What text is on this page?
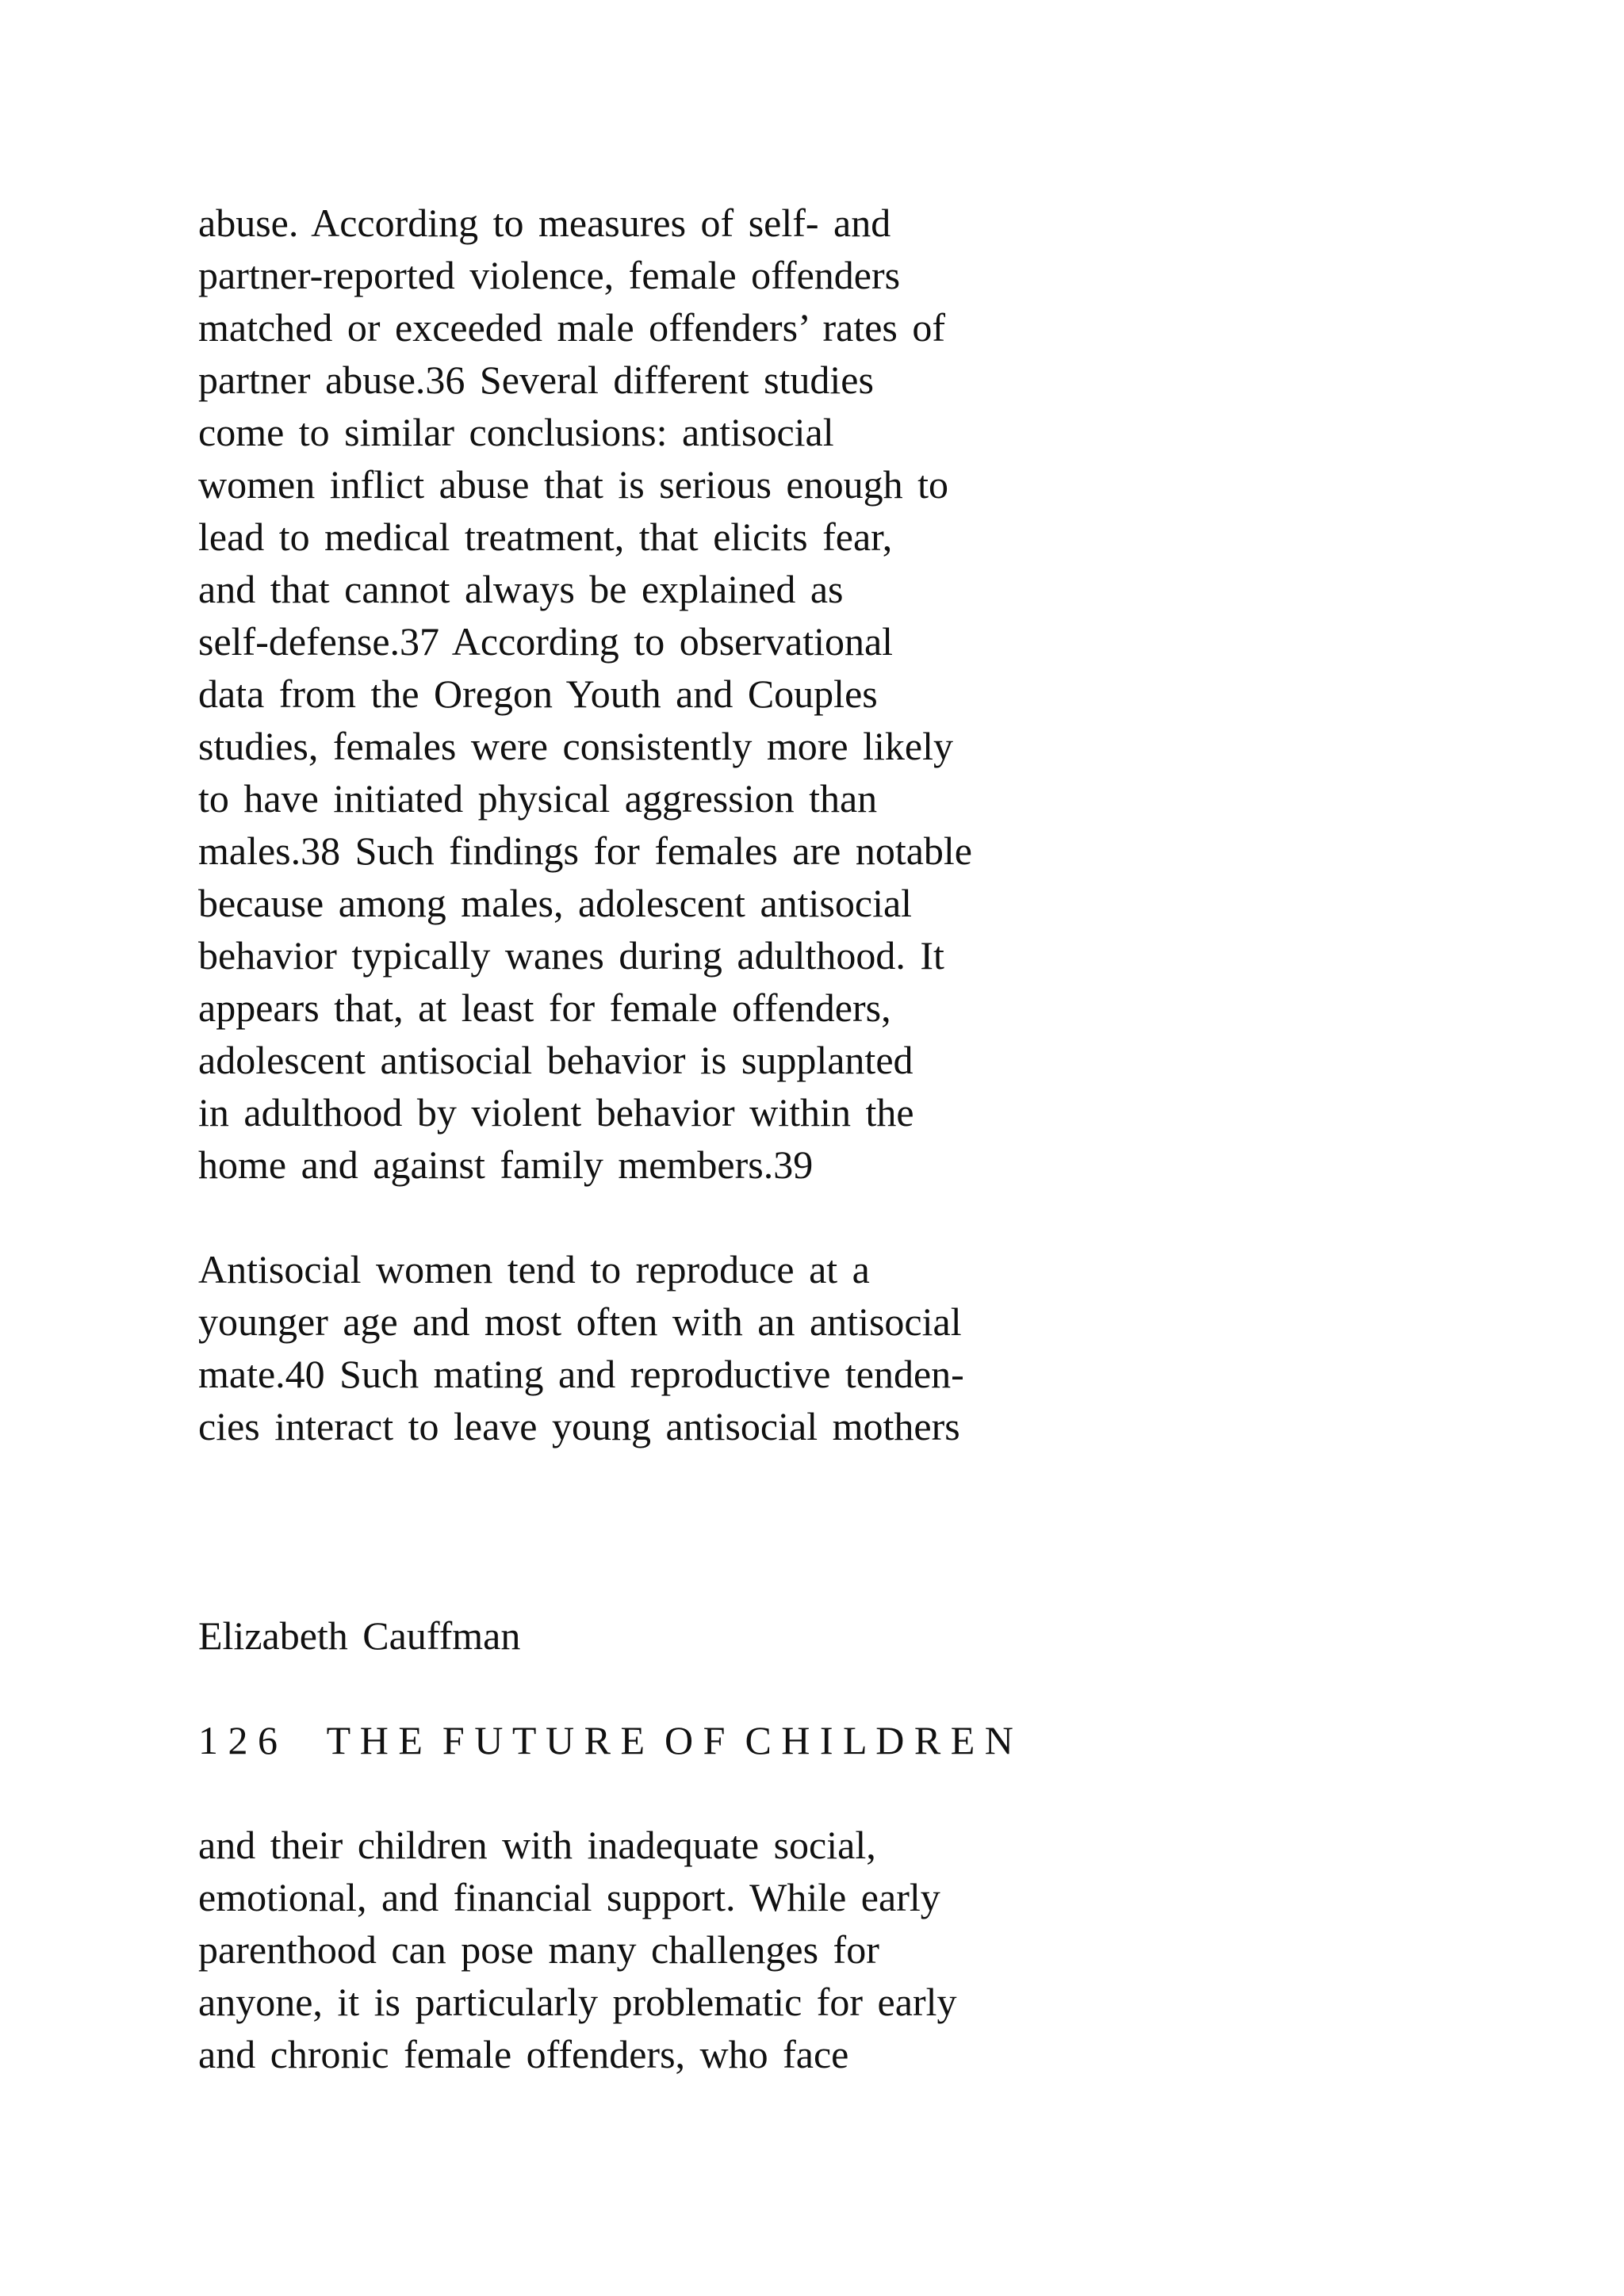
abuse. According to measures of self- and
partner-reported violence, female offenders
matched or exceeded male offenders’ rates of
partner abuse.36 Several different studies
come to similar conclusions: antisocial
women inflict abuse that is serious enough to
lead to medical treatment, that elicits fear,
and that cannot always be explained as
self-defense.37 According to observational
data from the Oregon Youth and Couples
studies, females were consistently more likely
to have initiated physical aggression than
males.38 Such findings for females are notable
because among males, adolescent antisocial
behavior typically wanes during adulthood. It
appears that, at least for female offenders,
adolescent antisocial behavior is supplanted
in adulthood by violent behavior within the
home and against family members.39
Antisocial women tend to reproduce at a
younger age and most often with an antisocial
mate.40 Such mating and reproductive tenden-
cies interact to leave young antisocial mothers
Elizabeth Cauffman
1 2 6     T H E  F U T U R E  O F  C H I L D R E N
and their children with inadequate social,
emotional, and financial support. While early
parenthood can pose many challenges for
anyone, it is particularly problematic for early
and chronic female offenders, who face
